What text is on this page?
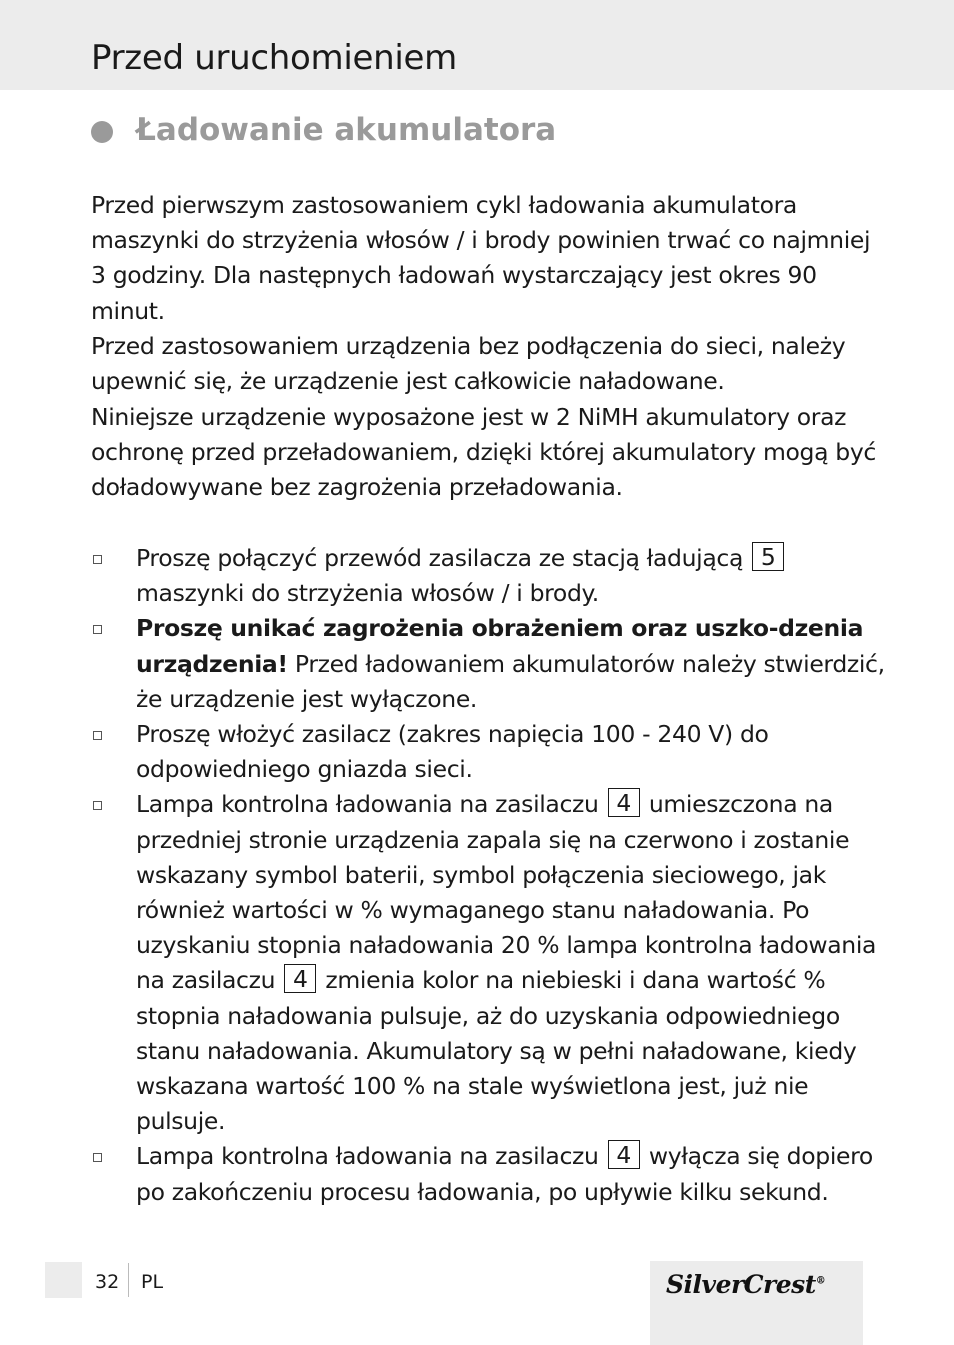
Przed uruchomieniem
Ładowanie akumulatora
Przed pierwszym zastosowaniem cykl ładowania akumulatora maszynki do strzyżenia włosów / i brody powinien trwać co najmniej 3 godziny. Dla następnych ładowań wystarczający jest okres 90 minut.
Przed zastosowaniem urządzenia bez podłączenia do sieci, należy upewnić się, że urządzenie jest całkowicie naładowane.
Niniejsze urządzenie wyposażone jest w 2 NiMH akumulatory oraz ochronę przed przeładowaniem, dzięki której akumulatory mogą być doładowywane bez zagrożenia przeładowania.
Proszę połączyć przewód zasilacza ze stacją ładującą 5
maszynki do strzyżenia włosów / i brody.
Proszę unikać zagrożenia obrażeniem oraz uszko-dzenia urządzenia! Przed ładowaniem akumulatorów należy stwierdzić, że urządzenie jest wyłączone.
Proszę włożyć zasilacz (zakres napięcia 100 - 240 V) do odpowiedniego gniazda sieci.
Lampa kontrolna ładowania na zasilaczu 4 umieszczona na przedniej stronie urządzenia zapala się na czerwono i zostanie wskazany symbol baterii, symbol połączenia sieciowego, jak również wartości w % wymaganego stanu naładowania. Po uzyskaniu stopnia naładowania 20 % lampa kontrolna ładowania na zasilaczu 4 zmienia kolor na niebieski i dana wartość % stopnia naładowania pulsuje, aż do uzyskania odpowiedniego stanu naładowania. Akumulatory są w pełni naładowane, kiedy wskazana wartość 100 % na stale wyświetlona jest, już nie pulsuje.
Lampa kontrolna ładowania na zasilaczu 4 wyłącza się dopiero po zakończeniu procesu ładowania, po upływie kilku sekund.
32 PL	SilverCrest®
